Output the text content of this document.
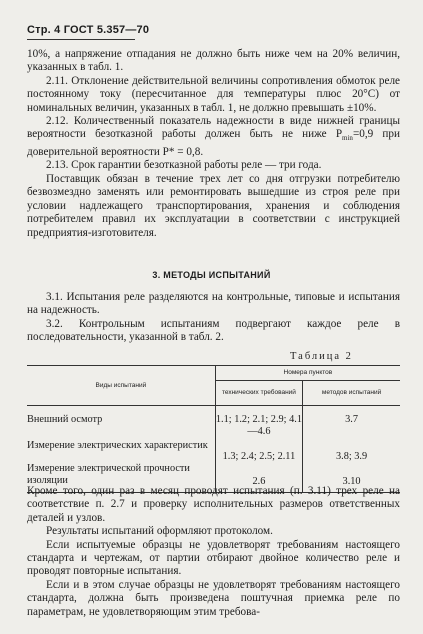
Стр. 4 ГОСТ 5.357—70

10%, а напряжение отпадания не должно быть ниже чем на 20% величин, указанных в табл. 1.

2.11. Отклонение действительной величины сопротивления обмоток реле постоянному току (пересчитанное для температуры плюс 20°С) от номинальных величин, указанных в табл. 1, не должно превышать ±10%.

2.12. Количественный показатель надежности в виде нижней границы вероятности безотказной работы должен быть не ниже $P_{min}=0,9$ при доверительной вероятности P* = 0,8.

2.13. Срок гарантии безотказной работы реле — три года.

Поставщик обязан в течение трех лет со дня отгрузки потребителю безвозмездно заменять или ремонтировать вышедшие из строя реле при условии надлежащего транспортирования, хранения и соблюдения потребителем правил их эксплуатации в соответствии с инструкцией предприятия-изготовителя.

3. МЕТОДЫ ИСПЫТАНИЙ

3.1. Испытания реле разделяются на контрольные, типовые и испытания на надежность.

3.2. Контрольным испытаниям подвергают каждое реле в последовательности, указанной в табл. 2.

Таблица 2
Виды испытаний	Номера пунктов	
	технических требований	методов испытаний
Внешний осмотр	1.1; 1.2; 2.1; 2.9; 4.1—4.6	3.7
Измерение электрических характеристик	1.3; 2.4; 2.5; 2.11	3.8; 3.9
Измерение электрической прочности изоляции	2.6	3.10

Кроме того, один раз в месяц проводят испытания (п. 3.11) трех реле на соответствие п. 2.7 и проверку исполнительных размеров ответственных деталей и узлов.

Результаты испытаний оформляют протоколом.

Если испытуемые образцы не удовлетворят требованиям настоящего стандарта и чертежам, от партии отбирают двойное количество реле и проводят повторные испытания.

Если и в этом случае образцы не удовлетворят требованиям настоящего стандарта, должна быть произведена поштучная приемка реле по параметрам, не удовлетворяющим этим требова-
